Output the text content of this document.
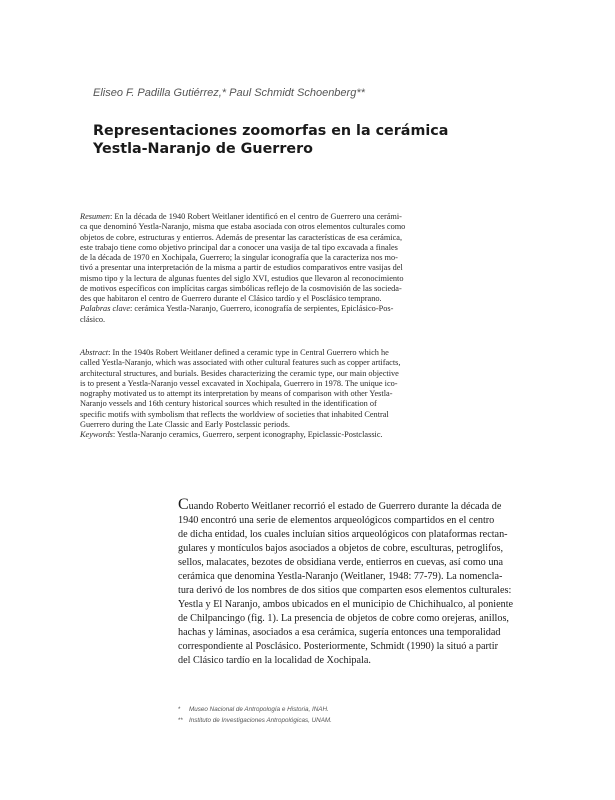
Eliseo F. Padilla Gutiérrez,* Paul Schmidt Schoenberg**
Representaciones zoomorfas en la cerámica
Yestla-Naranjo de Guerrero
Resumen: En la década de 1940 Robert Weitlaner identificó en el centro de Guerrero una cerámi-
ca que denominó Yestla-Naranjo, misma que estaba asociada con otros elementos culturales como
objetos de cobre, estructuras y entierros. Además de presentar las características de esa cerámica,
este trabajo tiene como objetivo principal dar a conocer una vasija de tal tipo excavada a finales
de la década de 1970 en Xochipala, Guerrero; la singular iconografía que la caracteriza nos mo-
tivó a presentar una interpretación de la misma a partir de estudios comparativos entre vasijas del
mismo tipo y la lectura de algunas fuentes del siglo XVI, estudios que llevaron al reconocimiento
de motivos específicos con implícitas cargas simbólicas reflejo de la cosmovisión de las socieda-
des que habitaron el centro de Guerrero durante el Clásico tardío y el Posclásico temprano.
Palabras clave: cerámica Yestla-Naranjo, Guerrero, iconografía de serpientes, Epiclásico-Pos-
clásico.
Abstract: In the 1940s Robert Weitlaner defined a ceramic type in Central Guerrero which he
called Yestla-Naranjo, which was associated with other cultural features such as copper artifacts,
architectural structures, and burials. Besides characterizing the ceramic type, our main objective
is to present a Yestla-Naranjo vessel excavated in Xochipala, Guerrero in 1978. The unique ico-
nography motivated us to attempt its interpretation by means of comparison with other Yestla-
Naranjo vessels and 16th century historical sources which resulted in the identification of
specific motifs with symbolism that reflects the worldview of societies that inhabited Central
Guerrero during the Late Classic and Early Postclassic periods.
Keywords: Yestla-Naranjo ceramics, Guerrero, serpent iconography, Epiclassic-Postclassic.
Cuando Roberto Weitlaner recorrió el estado de Guerrero durante la década de
1940 encontró una serie de elementos arqueológicos compartidos en el centro
de dicha entidad, los cuales incluían sitios arqueológicos con plataformas rectan-
gulares y montículos bajos asociados a objetos de cobre, esculturas, petroglifos,
sellos, malacates, bezotes de obsidiana verde, entierros en cuevas, así como una
cerámica que denomina Yestla-Naranjo (Weitlaner, 1948: 77-79). La nomencla-
tura derivó de los nombres de dos sitios que comparten esos elementos culturales:
Yestla y El Naranjo, ambos ubicados en el municipio de Chichihualco, al poniente
de Chilpancingo (fig. 1). La presencia de objetos de cobre como orejeras, anillos,
hachas y láminas, asociados a esa cerámica, sugería entonces una temporalidad
correspondiente al Posclásico. Posteriormente, Schmidt (1990) la situó a partir
del Clásico tardío en la localidad de Xochipala.
* Museo Nacional de Antropología e Historia, INAH.
** Instituto de Investigaciones Antropológicas, UNAM.
